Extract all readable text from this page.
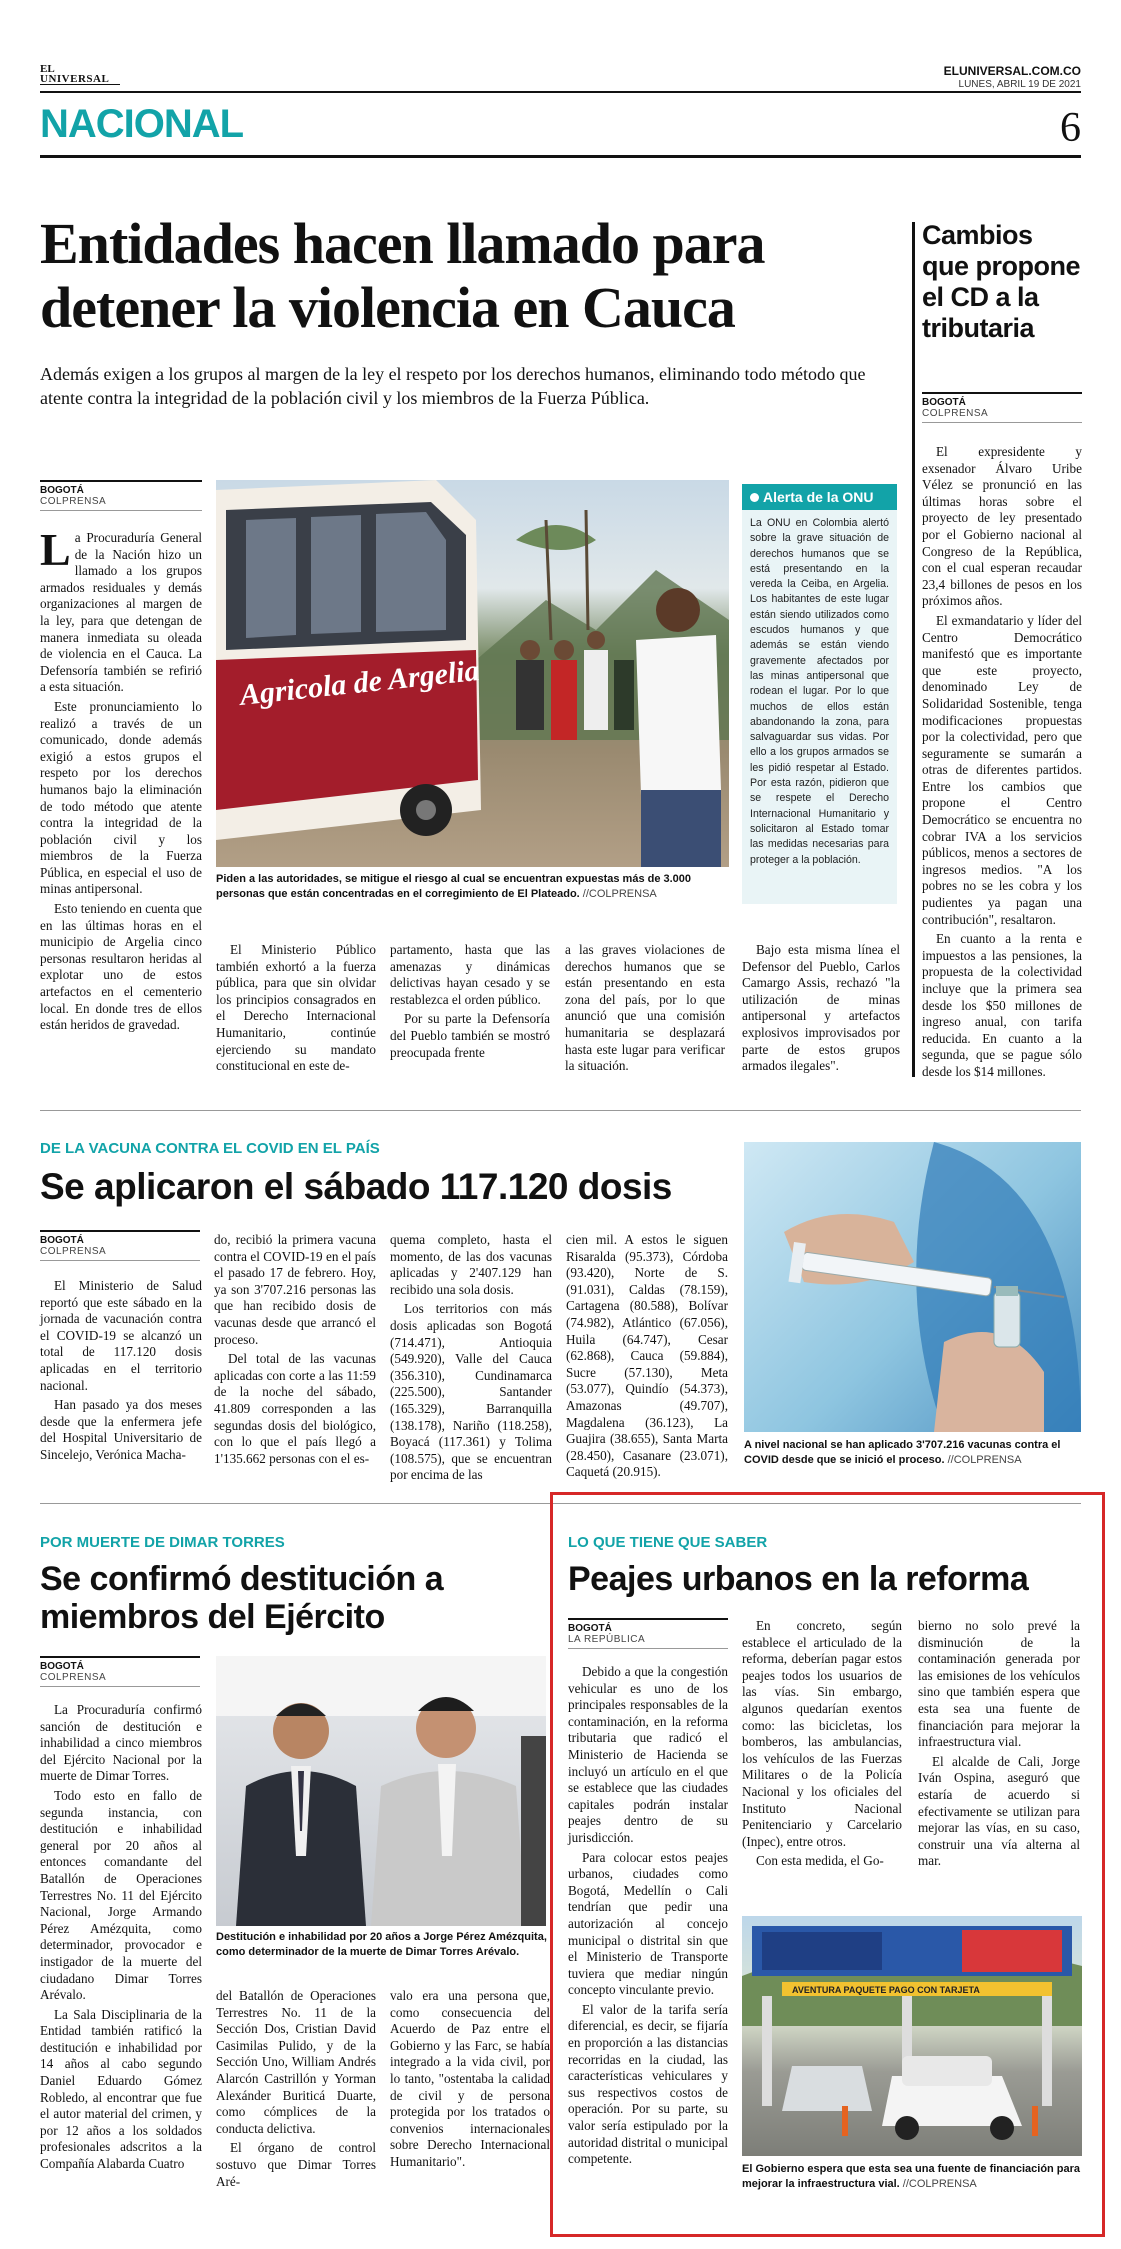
EL
UNIVERSAL
ELUNIVERSAL.COM.CO
LUNES, ABRIL 19 DE 2021
NACIONAL	6
Entidades hacen llamado para detener la violencia en Cauca
Además exigen a los grupos al margen de la ley el respeto por los derechos humanos, eliminando todo método que atente contra la integridad de la población civil y los miembros de la Fuerza Pública.
BOGOTÁ
COLPRENSA

La Procuraduría General de la Nación hizo un llamado a los grupos armados residuales y demás organizaciones al margen de la ley, para que detengan de manera inmediata su oleada de violencia en el Cauca. La Defensoría también se refirió a esta situación.

Este pronunciamiento lo realizó a través de un comunicado, donde además exigió a estos grupos el respeto por los derechos humanos bajo la eliminación de todo método que atente contra la integridad de la población civil y los miembros de la Fuerza Pública, en especial el uso de minas antipersonal.

Esto teniendo en cuenta que en las últimas horas en el municipio de Argelia cinco personas resultaron heridas al explotar uno de estos artefactos en el cementerio local. En donde tres de ellos están heridos de gravedad.

Agricola de Argelia
Piden a las autoridades, se mitigue el riesgo al cual se encuentran expuestas más de 3.000 personas que están concentradas en el corregimiento de El Plateado. //COLPRENSA
Alerta de la ONU
La ONU en Colombia alertó sobre la grave situación de derechos humanos que se está presentando en la vereda la Ceiba, en Argelia. Los habitantes de este lugar están siendo utilizados como escudos humanos y que además se están viendo gravemente afectados por las minas antipersonal que rodean el lugar. Por lo que muchos de ellos están abandonando la zona, para salvaguardar sus vidas. Por ello a los grupos armados se les pidió respetar al Estado. Por esta razón, pidieron que se respete el Derecho Internacional Humanitario y solicitaron al Estado tomar las medidas necesarias para proteger a la población.

El Ministerio Público también exhortó a la fuerza pública, para que sin olvidar los principios consagrados en el Derecho Internacional Humanitario, continúe ejerciendo su mandato constitucional en este de-

partamento, hasta que las amenazas y dinámicas delictivas hayan cesado y se restablezca el orden público.

Por su parte la Defensoría del Pueblo también se mostró preocupada frente

a las graves violaciones de derechos humanos que se están presentando en esta zona del país, por lo que anunció que una comisión humanitaria se desplazará hasta este lugar para verificar la situación.

Bajo esta misma línea el Defensor del Pueblo, Carlos Camargo Assis, rechazó "la utilización de minas antipersonal y artefactos explosivos improvisados por parte de estos grupos armados ilegales".

Cambios que propone el CD a la tributaria
BOGOTÁ
COLPRENSA

El expresidente y exsenador Álvaro Uribe Vélez se pronunció en las últimas horas sobre el proyecto de ley presentado por el Gobierno nacional al Congreso de la República, con el cual esperan recaudar 23,4 billones de pesos en los próximos años.

El exmandatario y líder del Centro Democrático manifestó que es importante que este proyecto, denominado Ley de Solidaridad Sostenible, tenga modificaciones propuestas por la colectividad, pero que seguramente se sumarán a otras de diferentes partidos. Entre los cambios que propone el Centro Democrático se encuentra no cobrar IVA a los servicios públicos, menos a sectores de ingresos medios. "A los pobres no se les cobra y los pudientes ya pagan una contribución", resaltaron.

En cuanto a la renta e impuestos a las pensiones, la propuesta de la colectividad incluye que la primera sea desde los $50 millones de ingreso anual, con tarifa reducida. En cuanto a la segunda, que se pague sólo desde los $14 millones.

DE LA VACUNA CONTRA EL COVID EN EL PAÍS
Se aplicaron el sábado 117.120 dosis
BOGOTÁ
COLPRENSA

El Ministerio de Salud reportó que este sábado en la jornada de vacunación contra el COVID-19 se alcanzó un total de 117.120 dosis aplicadas en el territorio nacional.

Han pasado ya dos meses desde que la enfermera jefe del Hospital Universitario de Sincelejo, Verónica Macha-

do, recibió la primera vacuna contra el COVID-19 en el país el pasado 17 de febrero. Hoy, ya son 3'707.216 personas las que han recibido dosis de vacunas desde que arrancó el proceso.

Del total de las vacunas aplicadas con corte a las 11:59 de la noche del sábado, 41.809 corresponden a las segundas dosis del biológico, con lo que el país llegó a 1'135.662 personas con el es-

quema completo, hasta el momento, de las dos vacunas aplicadas y 2'407.129 han recibido una sola dosis.

Los territorios con más dosis aplicadas son Bogotá (714.471), Antioquia (549.920), Valle del Cauca (356.310), Cundinamarca (225.500), Santander (165.329), Barranquilla (138.178), Nariño (118.258), Boyacá (117.361) y Tolima (108.575), que se encuentran por encima de las

cien mil. A estos le siguen Risaralda (95.373), Córdoba (93.420), Norte de S. (91.031), Caldas (78.159), Cartagena (80.588), Bolívar (74.982), Atlántico (67.056), Huila (64.747), Cesar (62.868), Cauca (59.884), Sucre (57.130), Meta (53.077), Quindío (54.373), Amazonas (49.707), Magdalena (36.123), La Guajira (38.655), Santa Marta (28.450), Casanare (23.071), Caquetá (20.915).

A nivel nacional se han aplicado 3'707.216 vacunas contra el COVID desde que se inició el proceso. //COLPRENSA
POR MUERTE DE DIMAR TORRES
Se confirmó destitución a miembros del Ejército
BOGOTÁ
COLPRENSA

La Procuraduría confirmó sanción de destitución e inhabilidad a cinco miembros del Ejército Nacional por la muerte de Dimar Torres.

Todo esto en fallo de segunda instancia, con destitución e inhabilidad general por 20 años al entonces comandante del Batallón de Operaciones Terrestres No. 11 del Ejército Nacional, Jorge Armando Pérez Amézquita, como determinador, provocador e instigador de la muerte del ciudadano Dimar Torres Arévalo.

La Sala Disciplinaria de la Entidad también ratificó la destitución e inhabilidad por 14 años al cabo segundo Daniel Eduardo Gómez Robledo, al encontrar que fue el autor material del crimen, y por 12 años a los soldados profesionales adscritos a la Compañía Alabarda Cuatro

Destitución e inhabilidad por 20 años a Jorge Pérez Amézquita, como determinador de la muerte de Dimar Torres Arévalo.

del Batallón de Operaciones Terrestres No. 11 de la Sección Dos, Cristian David Casimilas Pulido, y de la Sección Uno, William Andrés Alarcón Castrillón y Yorman Alexánder Buriticá Duarte, como cómplices de la conducta delictiva.

El órgano de control sostuvo que Dimar Torres Aré-

valo era una persona que, como consecuencia del Acuerdo de Paz entre el Gobierno y las Farc, se había integrado a la vida civil, por lo tanto, "ostentaba la calidad de civil y de persona protegida por los tratados o convenios internacionales sobre Derecho Internacional Humanitario".

LO QUE TIENE QUE SABER
Peajes urbanos en la reforma
BOGOTÁ
LA REPÚBLICA

Debido a que la congestión vehicular es uno de los principales responsables de la contaminación, en la reforma tributaria que radicó el Ministerio de Hacienda se incluyó un artículo en el que se establece que las ciudades capitales podrán instalar peajes dentro de su jurisdicción.

Para colocar estos peajes urbanos, ciudades como Bogotá, Medellín o Cali tendrían que pedir una autorización al concejo municipal o distrital sin que el Ministerio de Transporte tuviera que mediar ningún concepto vinculante previo.

El valor de la tarifa sería diferencial, es decir, se fijaría en proporción a las distancias recorridas en la ciudad, las características vehiculares y sus respectivos costos de operación. Por su parte, su valor sería estipulado por la autoridad distrital o municipal competente.

En concreto, según establece el articulado de la reforma, deberían pagar estos peajes todos los usuarios de las vías. Sin embargo, algunos quedarían exentos como: las bicicletas, los bomberos, las ambulancias, los vehículos de las Fuerzas Militares o de la Policía Nacional y los oficiales del Instituto Nacional Penitenciario y Carcelario (Inpec), entre otros.

Con esta medida, el Go-

bierno no solo prevé la disminución de la contaminación generada por las emisiones de los vehículos sino que también espera que esta sea una fuente de financiación para mejorar la infraestructura vial.

El alcalde de Cali, Jorge Iván Ospina, aseguró que estaría de acuerdo si efectivamente se utilizan para mejorar las vías, en su caso, construir una vía alterna al mar.

AVENTURA PAQUETE PAGO CON TARJETA
El Gobierno espera que esta sea una fuente de financiación para mejorar la infraestructura vial. //COLPRENSA
